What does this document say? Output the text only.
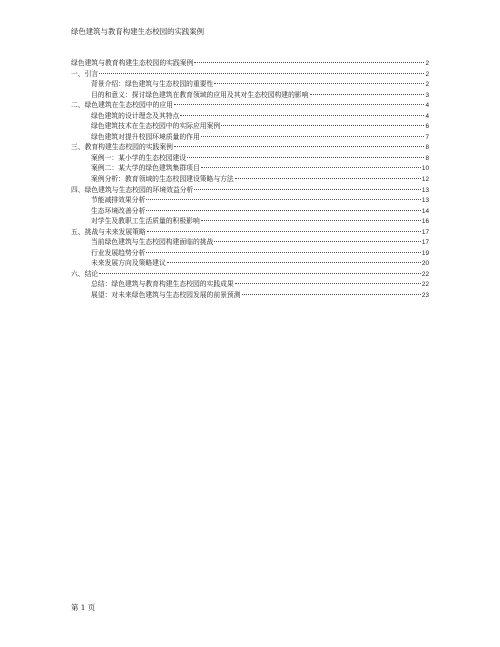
绿色建筑与教育构建生态校园的实践案例
绿色建筑与教育构建生态校园的实践案例	2
一、引言	2
背景介绍：绿色建筑与生态校园的重要性	2
目的和意义：探讨绿色建筑在教育领域的应用及其对生态校园构建的影响	3
二、绿色建筑在生态校园中的应用	4
绿色建筑的设计理念及其特点	4
绿色建筑技术在生态校园中的实际应用案例	6
绿色建筑对提升校园环境质量的作用	7
三、教育构建生态校园的实践案例	8
案例一：某小学的生态校园建设	8
案例二：某大学的绿色建筑集群项目	10
案例分析：教育领域的生态校园建设策略与方法	12
四、绿色建筑与生态校园的环境效益分析	13
节能减排效果分析	13
生态环境改善分析	14
对学生及教职工生活质量的积极影响	16
五、挑战与未来发展策略	17
当前绿色建筑与生态校园构建面临的挑战	17
行业发展趋势分析	19
未来发展方向及策略建议	20
六、结论	22
总结：绿色建筑与教育构建生态校园的实践成果	22
展望：对未来绿色建筑与生态校园发展的前景预测	23
第 1 页
